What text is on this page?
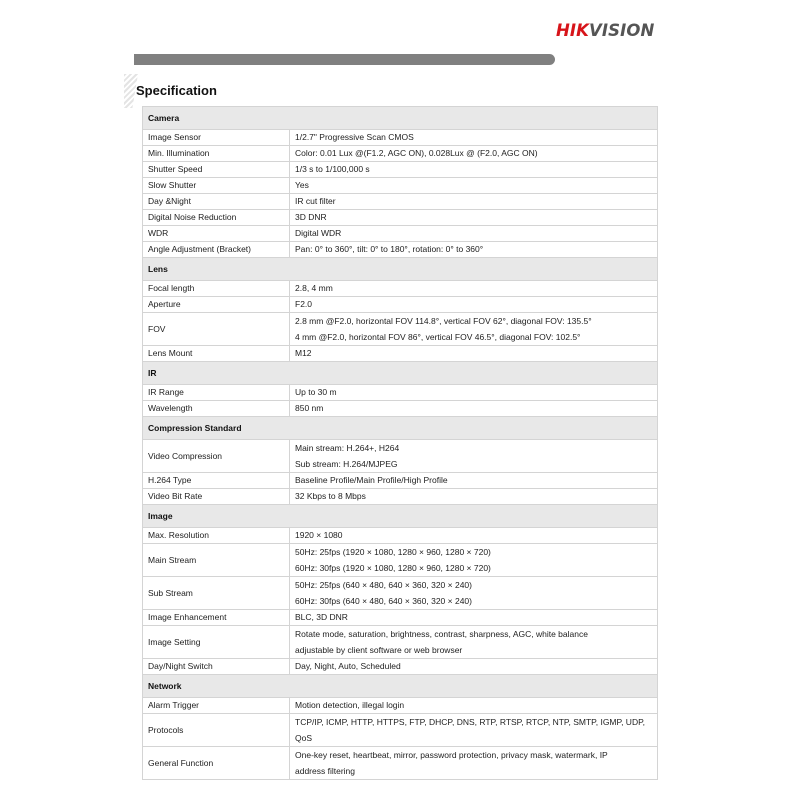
HIKVISION
Specification
Camera	
Image Sensor	1/2.7" Progressive Scan CMOS

Min. Illumination	Color: 0.01 Lux @(F1.2, AGC ON), 0.028Lux @ (F2.0, AGC ON)

Shutter Speed	1/3 s to 1/100,000 s

Slow Shutter	Yes

Day &Night	IR cut filter

Digital Noise Reduction	3D DNR

WDR	Digital WDR

Angle Adjustment (Bracket)	Pan: 0° to 360°, tilt: 0° to 180°, rotation: 0° to 360°

Lens	
Focal length	2.8, 4 mm

Aperture	F2.0

FOV	2.8 mm @F2.0, horizontal FOV 114.8°, vertical FOV 62°, diagonal FOV: 135.5°
4 mm @F2.0, horizontal FOV 86°, vertical FOV 46.5°, diagonal FOV: 102.5°

Lens Mount	M12

IR	
IR Range	Up to 30 m

Wavelength	850 nm

Compression Standard	
Video Compression	Main stream: H.264+, H264
Sub stream: H.264/MJPEG

H.264 Type	Baseline Profile/Main Profile/High Profile

Video Bit Rate	32 Kbps to 8 Mbps

Image	
Max. Resolution	1920 × 1080

Main Stream	50Hz: 25fps (1920 × 1080, 1280 × 960, 1280 × 720)
60Hz: 30fps (1920 × 1080, 1280 × 960, 1280 × 720)

Sub Stream	50Hz: 25fps (640 × 480, 640 × 360, 320 × 240)
60Hz: 30fps (640 × 480, 640 × 360, 320 × 240)

Image Enhancement	BLC, 3D DNR

Image Setting	Rotate mode, saturation, brightness, contrast, sharpness, AGC, white balance
adjustable by client software or web browser

Day/Night Switch	Day, Night, Auto, Scheduled

Network	
Alarm Trigger	Motion detection, illegal login

Protocols	TCP/IP, ICMP, HTTP, HTTPS, FTP, DHCP, DNS, RTP, RTSP, RTCP, NTP, SMTP, IGMP, UDP,
QoS

General Function	One-key reset, heartbeat, mirror, password protection, privacy mask, watermark, IP
address filtering
